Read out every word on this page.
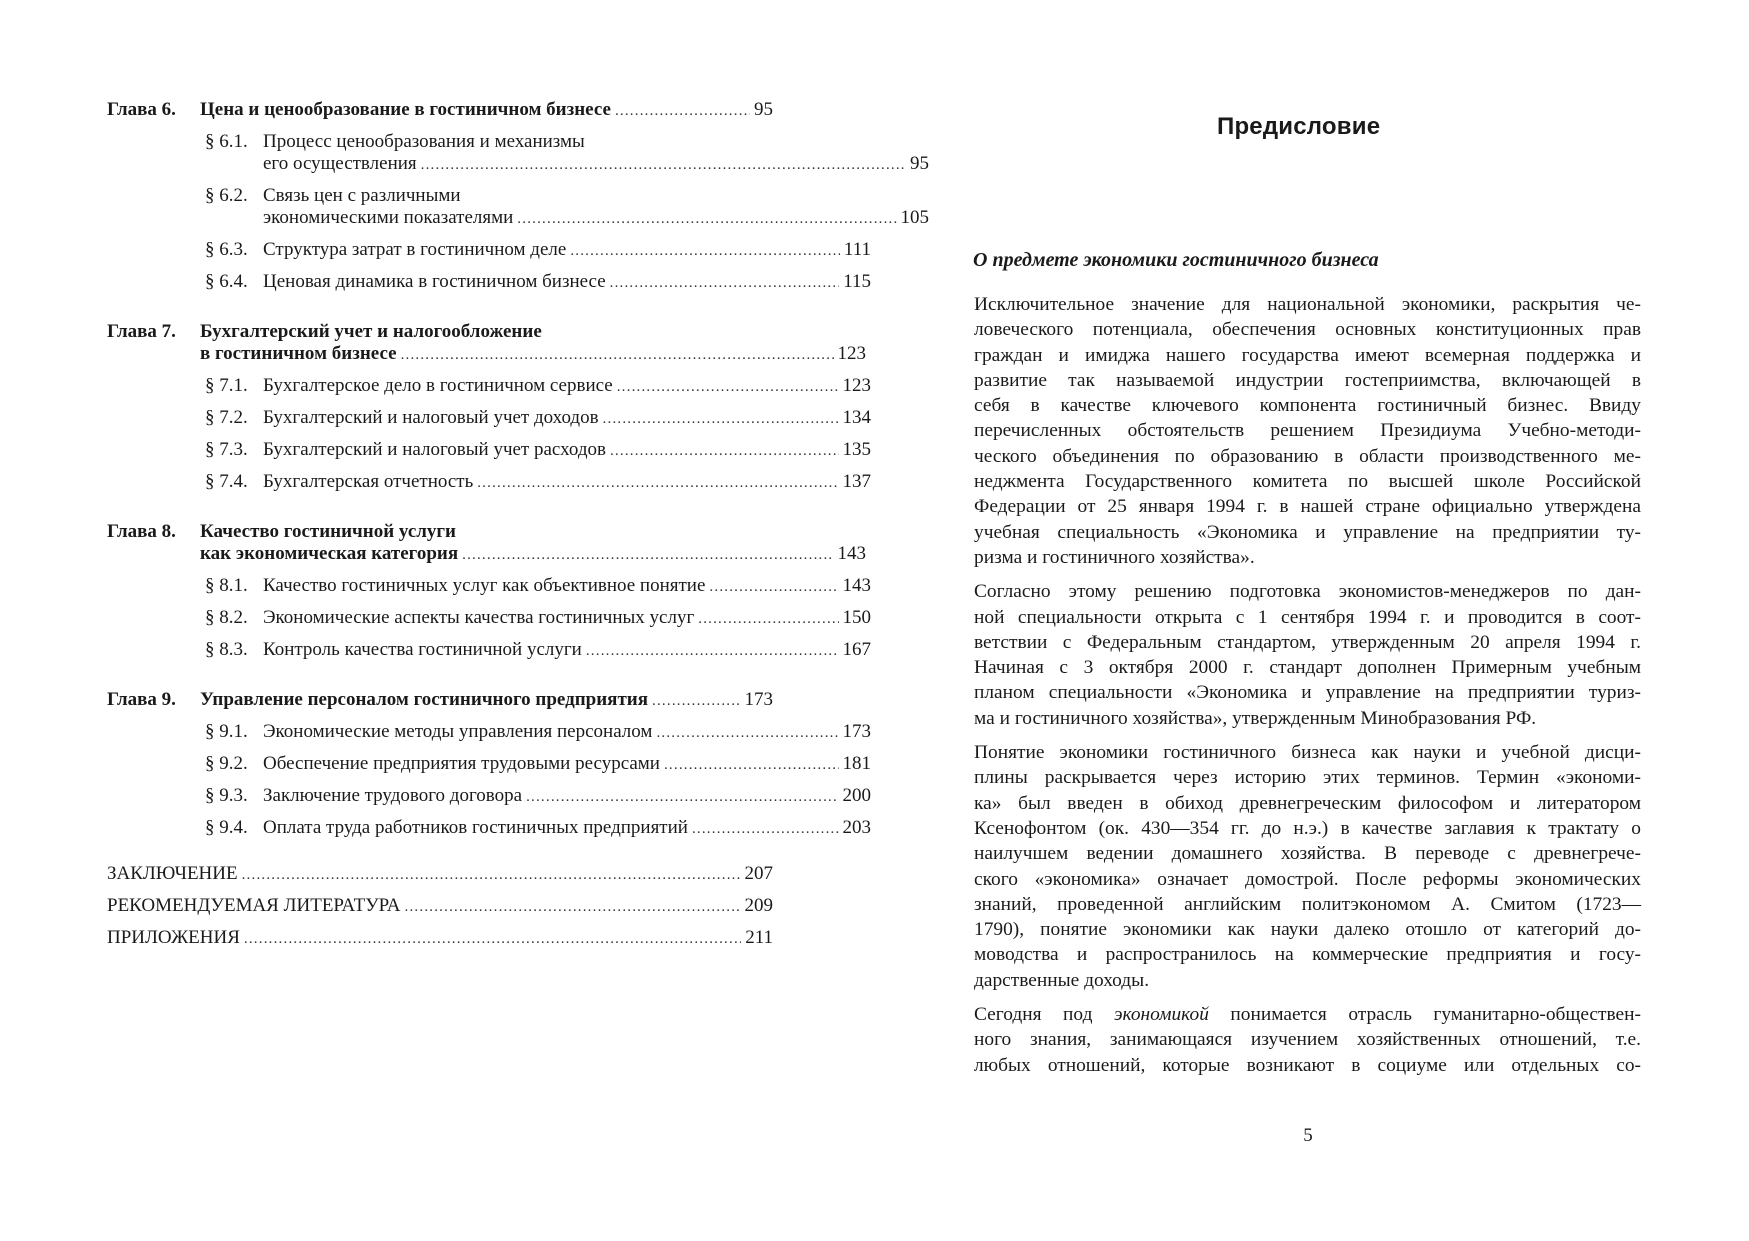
Глава 6.	Цена и ценообразование в гостиничном бизнесе .....	95
§ 6.1. Процесс ценообразования и механизмы
его осуществления .....	95
§ 6.2. Связь цен с различными
экономическими показателями .....	105
§ 6.3. Структура затрат в гостиничном деле .....	111
§ 6.4. Ценовая динамика в гостиничном бизнесе .....	115
Глава 7.	Бухгалтерский учет и налогообложение
в гостиничном бизнесе .....	123
§ 7.1. Бухгалтерское дело в гостиничном сервисе .....	123
§ 7.2. Бухгалтерский и налоговый учет доходов .....	134
§ 7.3. Бухгалтерский и налоговый учет расходов .....	135
§ 7.4. Бухгалтерская отчетность .....	137
Глава 8.	Качество гостиничной услуги
как экономическая категория .....	143
§ 8.1. Качество гостиничных услуг как объективное понятие .....	143
§ 8.2. Экономические аспекты качества гостиничных услуг .....	150
§ 8.3. Контроль качества гостиничной услуги .....	167
Глава 9.	Управление персоналом гостиничного предприятия .....	173
§ 9.1. Экономические методы управления персоналом .....	173
§ 9.2. Обеспечение предприятия трудовыми ресурсами .....	181
§ 9.3. Заключение трудового договора .....	200
§ 9.4. Оплата труда работников гостиничных предприятий .....	203
ЗАКЛЮЧЕНИЕ .....	207
РЕКОМЕНДУЕМАЯ ЛИТЕРАТУРА .....	209
ПРИЛОЖЕНИЯ .....	211
Предисловие
О предмете экономики гостиничного бизнеса
Исключительное значение для национальной экономики, раскрытия че-
ловеческого потенциала, обеспечения основных конституционных прав
граждан и имиджа нашего государства имеют всемерная поддержка и
развитие так называемой индустрии гостеприимства, включающей в
себя в качестве ключевого компонента гостиничный бизнес. Ввиду
перечисленных обстоятельств решением Президиума Учебно-методи-
ческого объединения по образованию в области производственного ме-
неджмента Государственного комитета по высшей школе Российской
Федерации от 25 января 1994 г. в нашей стране официально утверждена
учебная специальность «Экономика и управление на предприятии ту-
ризма и гостиничного хозяйства».
Согласно этому решению подготовка экономистов-менеджеров по дан-
ной специальности открыта с 1 сентября 1994 г. и проводится в соот-
ветствии с Федеральным стандартом, утвержденным 20 апреля 1994 г.
Начиная с 3 октября 2000 г. стандарт дополнен Примерным учебным
планом специальности «Экономика и управление на предприятии туриз-
ма и гостиничного хозяйства», утвержденным Минобразования РФ.
Понятие экономики гостиничного бизнеса как науки и учебной дисци-
плины раскрывается через историю этих терминов. Термин «экономи-
ка» был введен в обиход древнегреческим философом и литератором
Ксенофонтом (ок. 430—354 гг. до н.э.) в качестве заглавия к трактату о
наилучшем ведении домашнего хозяйства. В переводе с древнегрече-
ского «экономика» означает домострой. После реформы экономических
знаний, проведенной английским политэкономом А. Смитом (1723—
1790), понятие экономики как науки далеко отошло от категорий до-
моводства и распространилось на коммерческие предприятия и госу-
дарственные доходы.
Сегодня под экономикой понимается отрасль гуманитарно-обществен-
ного знания, занимающаяся изучением хозяйственных отношений, т.е.
любых отношений, которые возникают в социуме или отдельных со-
5
